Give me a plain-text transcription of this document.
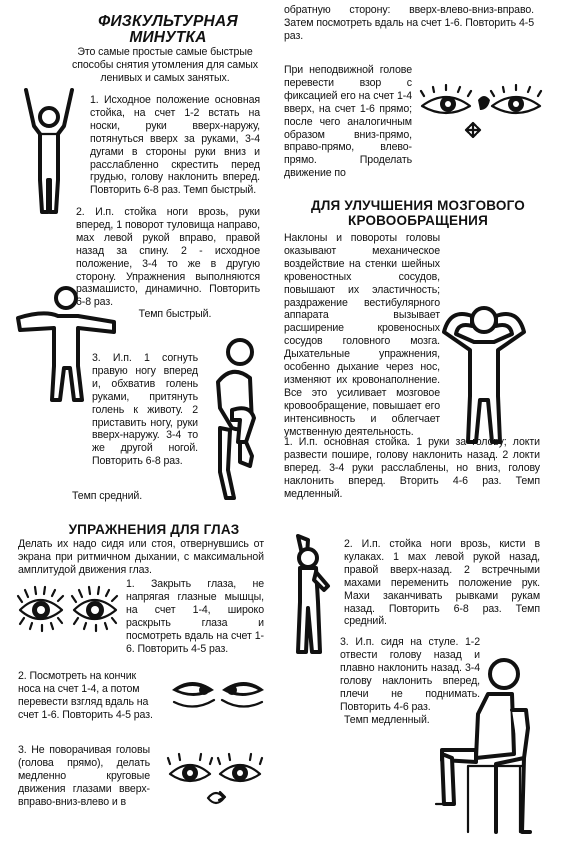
ФИЗКУЛЬТУРНАЯ
МИНУТКА
Это самые простые самые быстрые способы снятия утомления для самых ленивых и самых занятых.
1. Исходное положение основная стойка, на счет 1-2 встать на носки, руки вверх-наружу, потянуться вверх за руками, 3-4 дугами в стороны руки вниз и расслабленно скрестить перед грудью, голову наклонить вперед. Повторить 6-8 раз. Темп быстрый.
2. И.п. стойка ноги врозь, руки вперед, 1 поворот туловища направо, мах левой рукой вправо, правой назад за спину. 2 - исходное положение, 3-4 то же в другую сторону. Упражнения выполняются размашисто, динамично. Повторить 6-8 раз.
Темп быстрый.
3. И.п. 1 согнуть правую ногу вперед и, обхватив голень руками, притянуть голень к животу. 2 приставить ногу, руки вверх-наружу. 3-4 то же другой ногой. Повторить 6-8 раз.
Темп средний.
УПРАЖНЕНИЯ ДЛЯ ГЛАЗ
Делать их надо сидя или стоя, отвернувшись от экрана при ритмичном дыхании, с максимальной амплитудой движения глаз.
1. Закрыть глаза, не напрягая глазные мышцы, на счет 1-4, широко раскрыть глаза и посмотреть вдаль на счет 1-6. Повторить 4-5 раз.
2. Посмотреть на кончик носа на счет 1-4, а потом перевести взгляд вдаль на счет 1-6. Повторить 4-5 раз.
3. Не поворачивая головы (голова прямо), делать медленно круговые движения глазами вверх-вправо-вниз-влево и в
обратную сторону: вверх-влево-вниз-вправо. Затем посмотреть вдаль на счет 1-6. Повторить 4-5 раз.
При неподвижной голове перевести взор с фиксацией его на счет 1-4 вверх, на счет 1-6 прямо; после чего аналогичным образом вниз-прямо, вправо-прямо, влево-прямо. Проделать движение по
ДЛЯ УЛУЧШЕНИЯ МОЗГОВОГО КРОВООБРАЩЕНИЯ
Наклоны и повороты головы оказывают механическое воздействие на стенки шейных кровеностных сосудов, повышают их эластичность; раздражение вестибулярного аппарата вызывает расширение кровеносных сосудов головного мозга. Дыхательные упражнения, особенно дыхание через нос, изменяют их кровонаполнение. Все это усиливает мозговое кровообращение, повышает его интенсивность и облегчает умственную деятельность.
1. И.п. основная стойка. 1 руки за голову; локти развести пошире, голову наклонить назад. 2 локти вперед. 3-4 руки расслаблены, но вниз, голову наклонить вперед. Вторить 4-6 раз. Темп медленный.
2. И.п. стойка ноги врозь, кисти в кулаках. 1 мах левой рукой назад, правой вверх-назад. 2 встречными махами переменить положение рук. Махи заканчивать рывками рукам назад. Повторить 6-8 раз. Темп средний.
3. И.п. сидя на стуле. 1-2 отвести голову назад и плавно наклонить назад. 3-4 голову наклонить вперед, плечи не поднимать. Повторить 4-6 раз.
Темп медленный.
